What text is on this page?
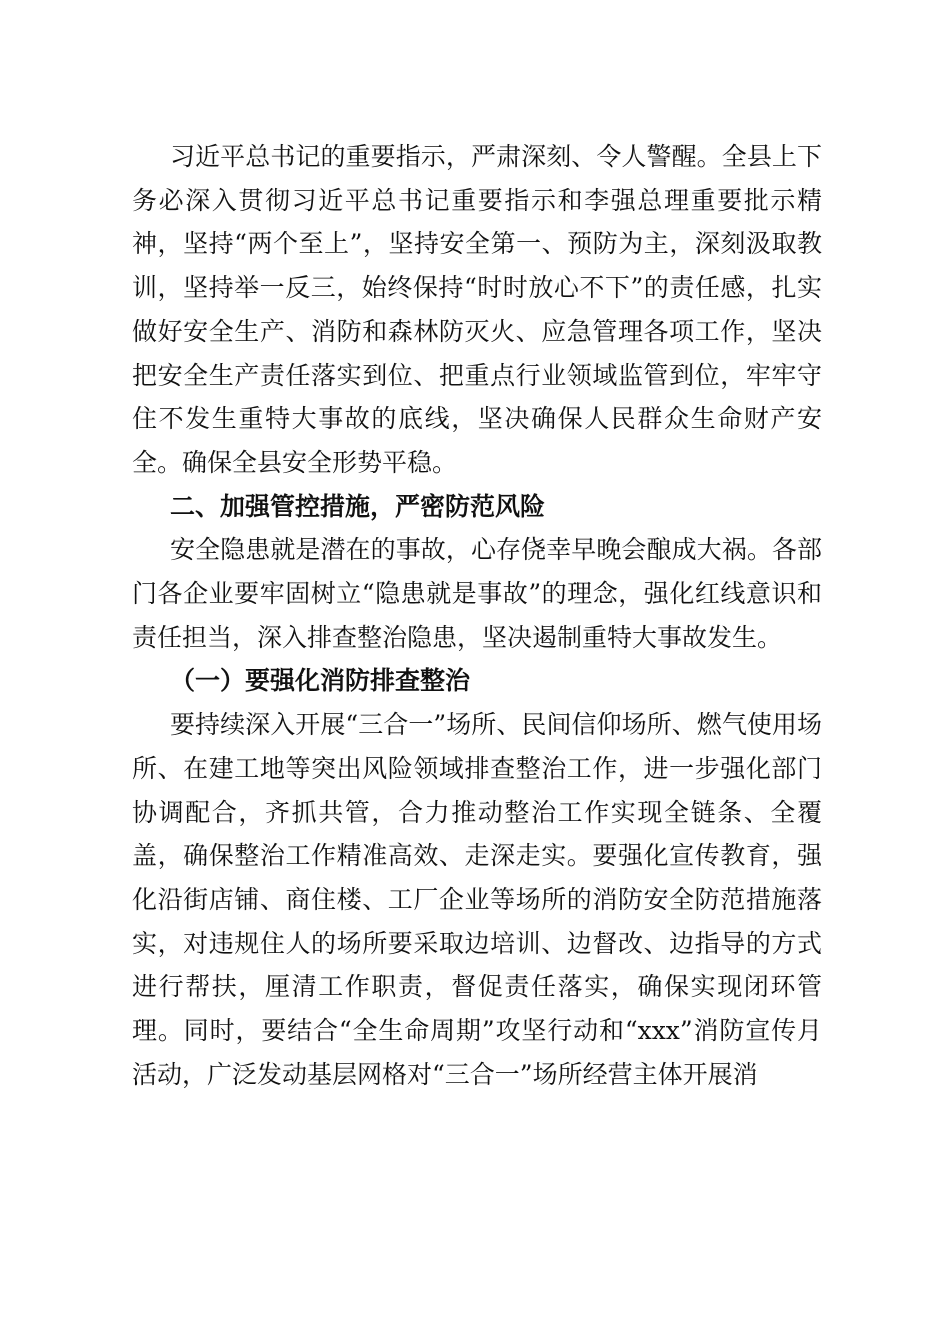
习近平总书记的重要指示，严肃深刻、令人警醒。全县上下务必深入贯彻习近平总书记重要指示和李强总理重要批示精神，坚持“两个至上”，坚持安全第一、预防为主，深刻汲取教训，坚持举一反三，始终保持“时时放心不下”的责任感，扎实做好安全生产、消防和森林防灭火、应急管理各项工作，坚决把安全生产责任落实到位、把重点行业领域监管到位，牢牢守住不发生重特大事故的底线，坚决确保人民群众生命财产安全。确保全县安全形势平稳。

二、加强管控措施，严密防范风险

安全隐患就是潜在的事故，心存侥幸早晚会酿成大祸。各部门各企业要牢固树立“隐患就是事故”的理念，强化红线意识和责任担当，深入排查整治隐患，坚决遏制重特大事故发生。

（一）要强化消防排查整治

要持续深入开展“三合一”场所、民间信仰场所、燃气使用场所、在建工地等突出风险领域排查整治工作，进一步强化部门协调配合，齐抓共管，合力推动整治工作实现全链条、全覆盖，确保整治工作精准高效、走深走实。要强化宣传教育，强化沿街店铺、商住楼、工厂企业等场所的消防安全防范措施落实，对违规住人的场所要采取边培训、边督改、边指导的方式进行帮扶，厘清工作职责，督促责任落实，确保实现闭环管理。同时，要结合“全生命周期”攻坚行动和“xxx”消防宣传月活动，广泛发动基层网格对“三合一”场所经营主体开展消
